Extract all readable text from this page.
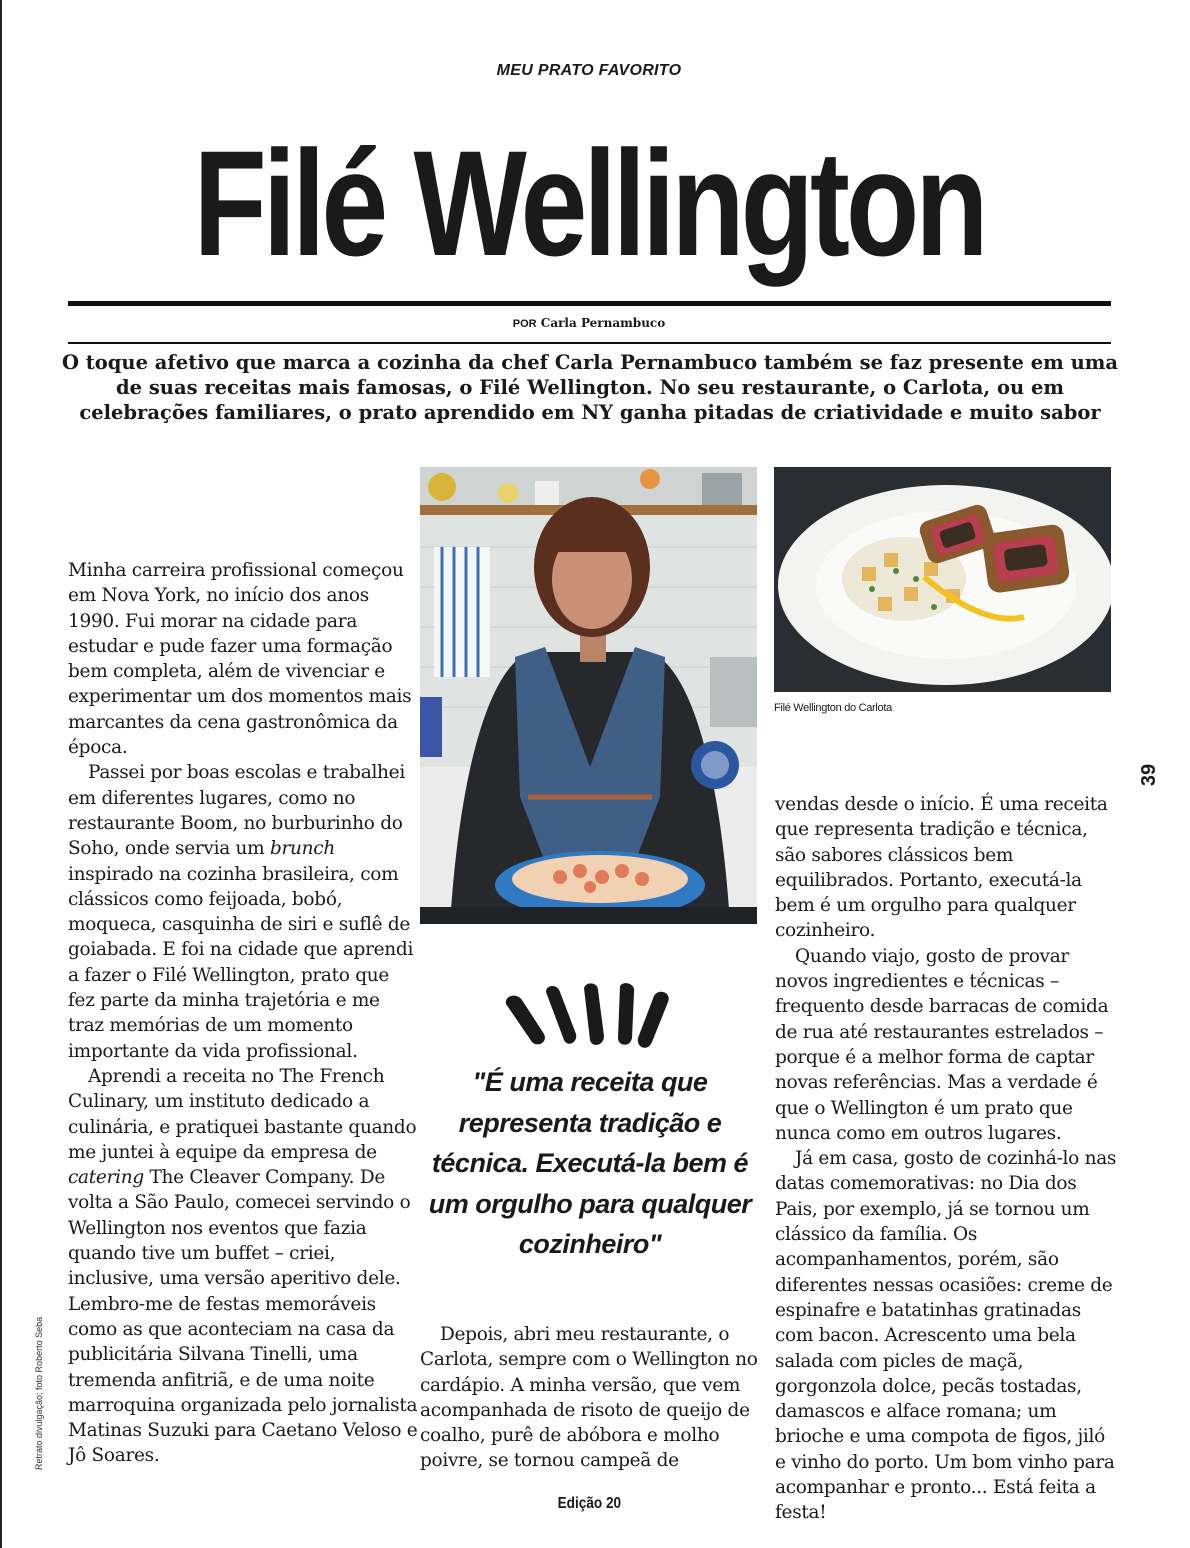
MEU PRATO FAVORITO
Filé Wellington
POR Carla Pernambuco
O toque afetivo que marca a cozinha da chef Carla Pernambuco também se faz presente em uma de suas receitas mais famosas, o Filé Wellington. No seu restaurante, o Carlota, ou em celebrações familiares, o prato aprendido em NY ganha pitadas de criatividade e muito sabor

Minha carreira profissional começou em Nova York, no início dos anos 1990. Fui morar na cidade para estudar e pude fazer uma formação bem completa, além de vivenciar e experimentar um dos momentos mais marcantes da cena gastronômica da época.

Passei por boas escolas e trabalhei em diferentes lugares, como no restaurante Boom, no burburinho do Soho, onde servia um brunch inspirado na cozinha brasileira, com clássicos como feijoada, bobó, moqueca, casquinha de siri e suflê de goiabada. E foi na cidade que aprendi a fazer o Filé Wellington, prato que fez parte da minha trajetória e me traz memórias de um momento importante da vida profissional.

Aprendi a receita no The French Culinary, um instituto dedicado a culinária, e pratiquei bastante quando me juntei à equipe da empresa de catering The Cleaver Company. De volta a São Paulo, comecei servindo o Wellington nos eventos que fazia quando tive um buffet – criei, inclusive, uma versão aperitivo dele. Lembro-me de festas memoráveis como as que aconteciam na casa da publicitária Silvana Tinelli, uma tremenda anfitriã, e de uma noite marroquina organizada pelo jornalista Matinas Suzuki para Caetano Veloso e Jô Soares.

Filé Wellington do Carlota
39
Retrato divulgação; foto Roberto Seba
"É uma receita que representa tradição e técnica. Executá-la bem é um orgulho para qualquer cozinheiro"

Depois, abri meu restaurante, o Carlota, sempre com o Wellington no cardápio. A minha versão, que vem acompanhada de risoto de queijo de coalho, purê de abóbora e molho poivre, se tornou campeã de

vendas desde o início. É uma receita que representa tradição e técnica, são sabores clássicos bem equilibrados. Portanto, executá-la bem é um orgulho para qualquer cozinheiro.

Quando viajo, gosto de provar novos ingredientes e técnicas – frequento desde barracas de comida de rua até restaurantes estrelados – porque é a melhor forma de captar novas referências. Mas a verdade é que o Wellington é um prato que nunca como em outros lugares.

Já em casa, gosto de cozinhá-lo nas datas comemorativas: no Dia dos Pais, por exemplo, já se tornou um clássico da família. Os acompanhamentos, porém, são diferentes nessas ocasiões: creme de espinafre e batatinhas gratinadas com bacon. Acrescento uma bela salada com picles de maçã, gorgonzola dolce, pecãs tostadas, damascos e alface romana; um brioche e uma compota de figos, jiló e vinho do porto. Um bom vinho para acompanhar e pronto... Está feita a festa!

Edição 20
